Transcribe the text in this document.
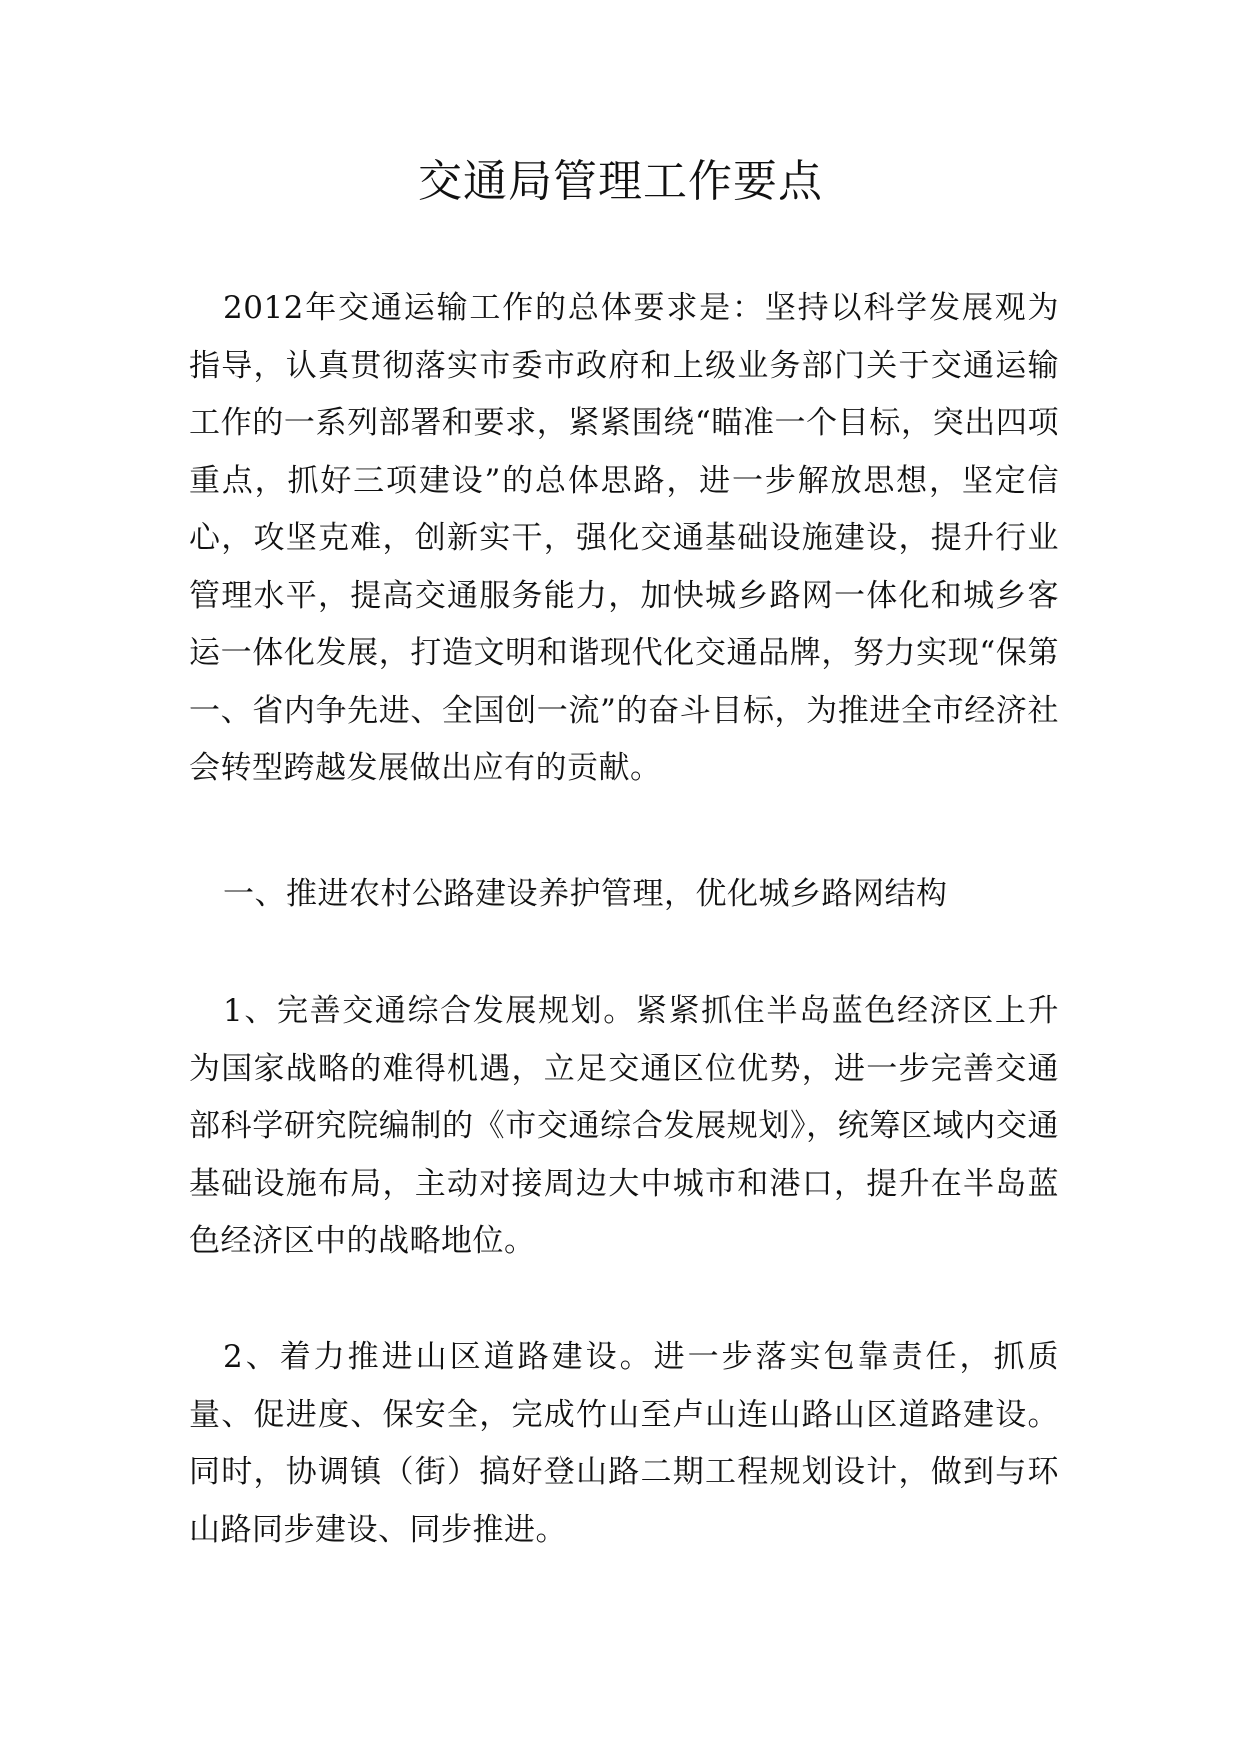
交通局管理工作要点

2012年交通运输工作的总体要求是：坚持以科学发展观为指导，认真贯彻落实市委市政府和上级业务部门关于交通运输工作的一系列部署和要求，紧紧围绕“瞄准一个目标，突出四项重点，抓好三项建设”的总体思路，进一步解放思想，坚定信心，攻坚克难，创新实干，强化交通基础设施建设，提升行业管理水平，提高交通服务能力，加快城乡路网一体化和城乡客运一体化发展，打造文明和谐现代化交通品牌，努力实现“保第一、省内争先进、全国创一流”的奋斗目标，为推进全市经济社会转型跨越发展做出应有的贡献。

一、推进农村公路建设养护管理，优化城乡路网结构

1、完善交通综合发展规划。紧紧抓住半岛蓝色经济区上升为国家战略的难得机遇，立足交通区位优势，进一步完善交通部科学研究院编制的《市交通综合发展规划》，统筹区域内交通基础设施布局，主动对接周边大中城市和港口，提升在半岛蓝色经济区中的战略地位。

2、着力推进山区道路建设。进一步落实包靠责任，抓质量、促进度、保安全，完成竹山至卢山连山路山区道路建设。同时，协调镇（街）搞好登山路二期工程规划设计，做到与环山路同步建设、同步推进。
